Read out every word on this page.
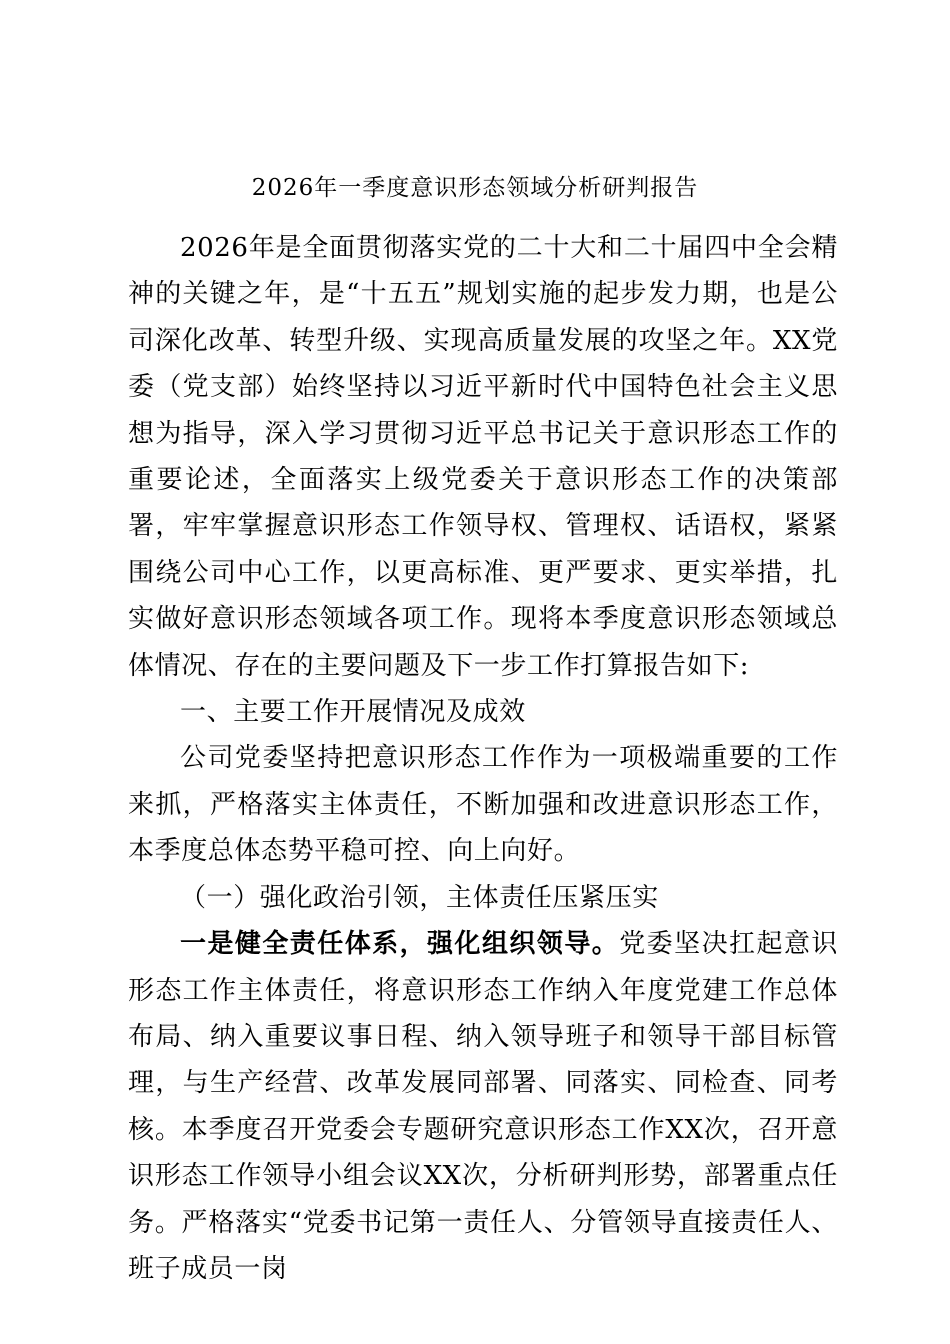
2026年一季度意识形态领域分析研判报告

2026年是全面贯彻落实党的二十大和二十届四中全会精神的关键之年，是“十五五”规划实施的起步发力期，也是公司深化改革、转型升级、实现高质量发展的攻坚之年。XX党委（党支部）始终坚持以习近平新时代中国特色社会主义思想为指导，深入学习贯彻习近平总书记关于意识形态工作的重要论述，全面落实上级党委关于意识形态工作的决策部署，牢牢掌握意识形态工作领导权、管理权、话语权，紧紧围绕公司中心工作，以更高标准、更严要求、更实举措，扎实做好意识形态领域各项工作。现将本季度意识形态领域总体情况、存在的主要问题及下一步工作打算报告如下:

一、主要工作开展情况及成效

公司党委坚持把意识形态工作作为一项极端重要的工作来抓，严格落实主体责任，不断加强和改进意识形态工作，本季度总体态势平稳可控、向上向好。

（一）强化政治引领，主体责任压紧压实

一是健全责任体系，强化组织领导。党委坚决扛起意识形态工作主体责任，将意识形态工作纳入年度党建工作总体布局、纳入重要议事日程、纳入领导班子和领导干部目标管理，与生产经营、改革发展同部署、同落实、同检查、同考核。本季度召开党委会专题研究意识形态工作XX次，召开意识形态工作领导小组会议XX次，分析研判形势，部署重点任务。严格落实“党委书记第一责任人、分管领导直接责任人、班子成员一岗
